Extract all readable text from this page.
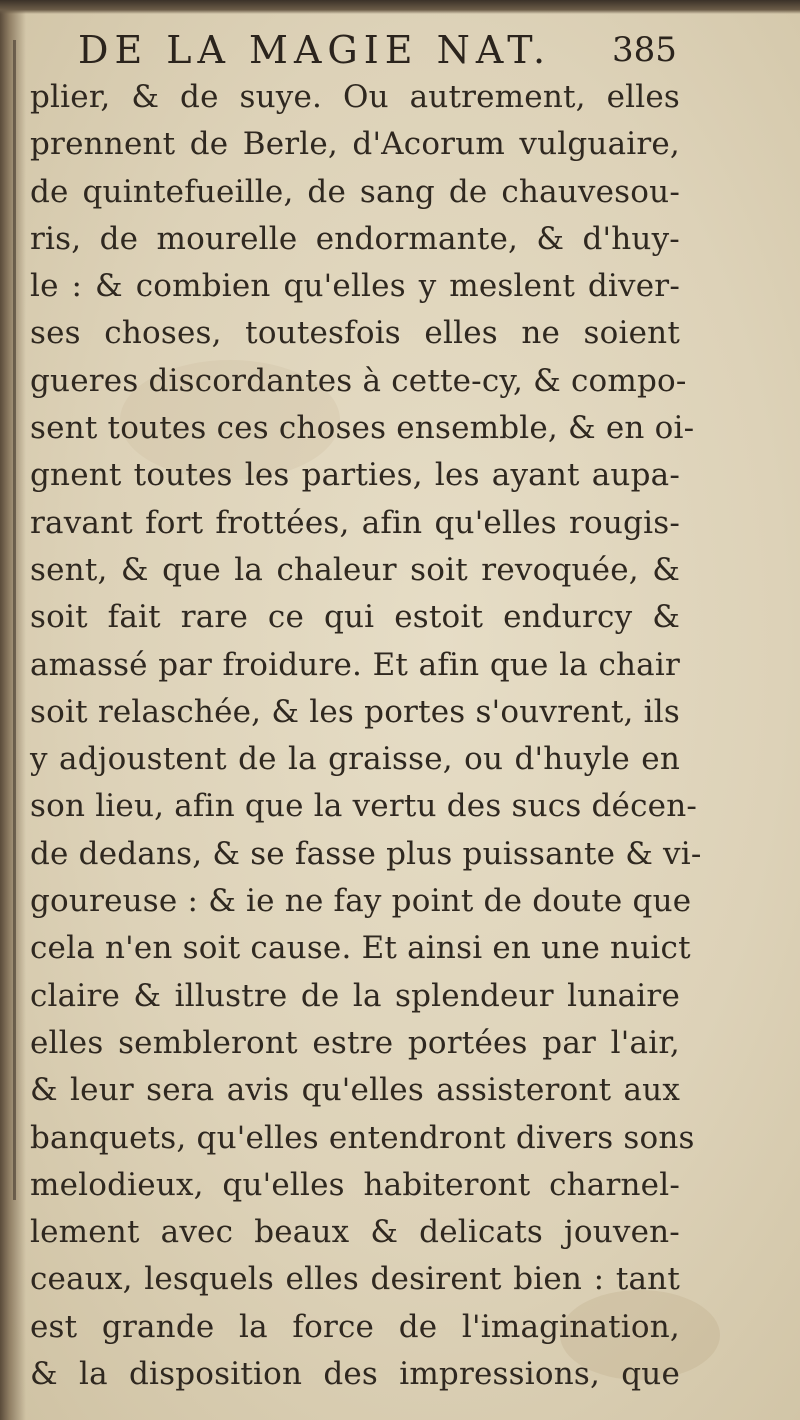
DE LA MAGIE NAT.	385
plier, & de suye. Ou autrement, elles
prennent de Berle, d'Acorum vulguaire,
de quintefueille, de sang de chauvesou-
ris, de mourelle endormante, & d'huy-
le : & combien qu'elles y meslent diver-
ses choses, toutesfois elles ne soient
gueres discordantes à cette-cy, & compo-
sent toutes ces choses ensemble, & en oi-
gnent toutes les parties, les ayant aupa-
ravant fort frottées, afin qu'elles rougis-
sent, & que la chaleur soit revoquée, &
soit fait rare ce qui estoit endurcy &
amassé par froidure. Et afin que la chair
soit relaschée, & les portes s'ouvrent, ils
y adjoustent de la graisse, ou d'huyle en
son lieu, afin que la vertu des sucs décen-
de dedans, & se fasse plus puissante & vi-
goureuse : & ie ne fay point de doute que
cela n'en soit cause. Et ainsi en une nuict
claire & illustre de la splendeur lunaire
elles sembleront estre portées par l'air,
& leur sera avis qu'elles assisteront aux
banquets, qu'elles entendront divers sons
melodieux, qu'elles habiteront charnel-
lement avec beaux & delicats jouven-
ceaux, lesquels elles desirent bien : tant
est grande la force de l'imagination,
& la disposition des impressions, que
